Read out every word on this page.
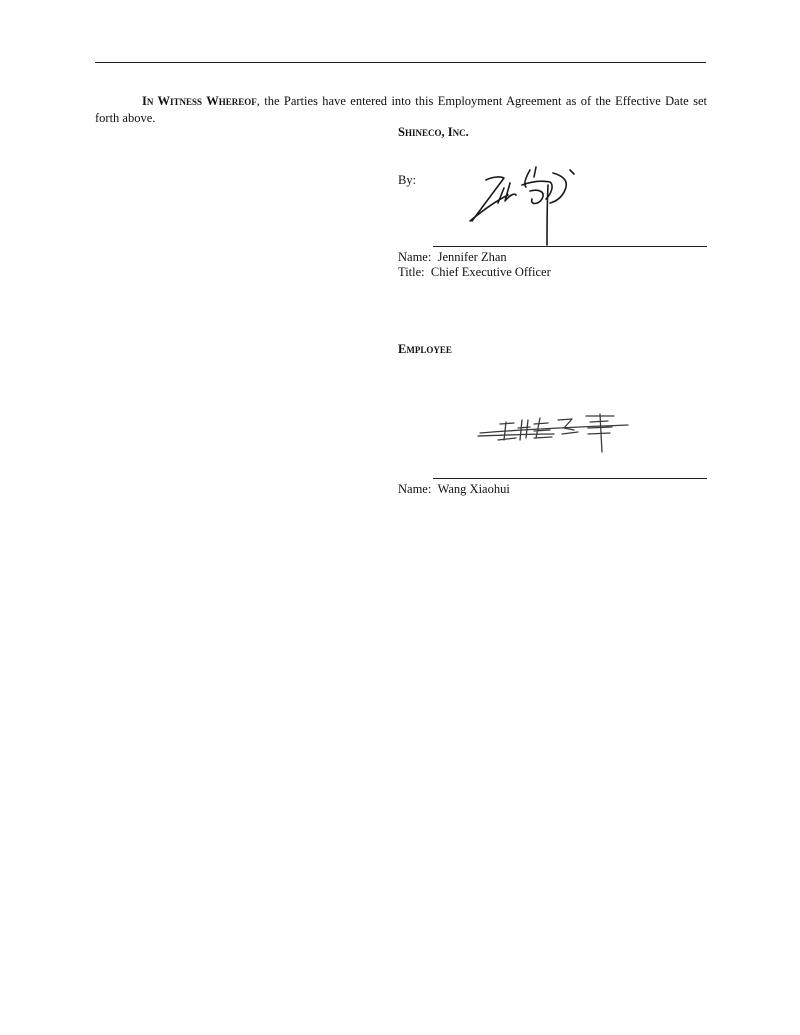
In Witness Whereof, the Parties have entered into this Employment Agreement as of the Effective Date set forth above.

Shineco, Inc.
By:
Name: Jennifer Zhan
Title: Chief Executive Officer
Employee
Name: Wang Xiaohui
